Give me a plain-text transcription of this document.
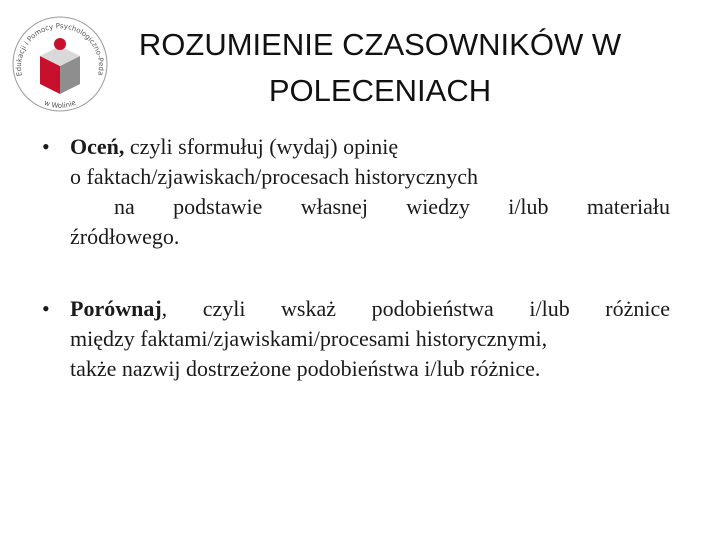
Edukacji i Pomocy Psychologiczno-Peda
w Wolinie
ROZUMIENIE CZASOWNIKÓW W
POLECENIACH
• Oceń, czyli sformułuj (wydaj) opinię
o faktach/zjawiskach/procesach historycznych
na podstawie własnej wiedzy i/lub materiału
źródłowego.
• Porównaj, czyli wskaż podobieństwa i/lub różnice
między faktami/zjawiskami/procesami historycznymi,
także nazwij dostrzeżone podobieństwa i/lub różnice.
